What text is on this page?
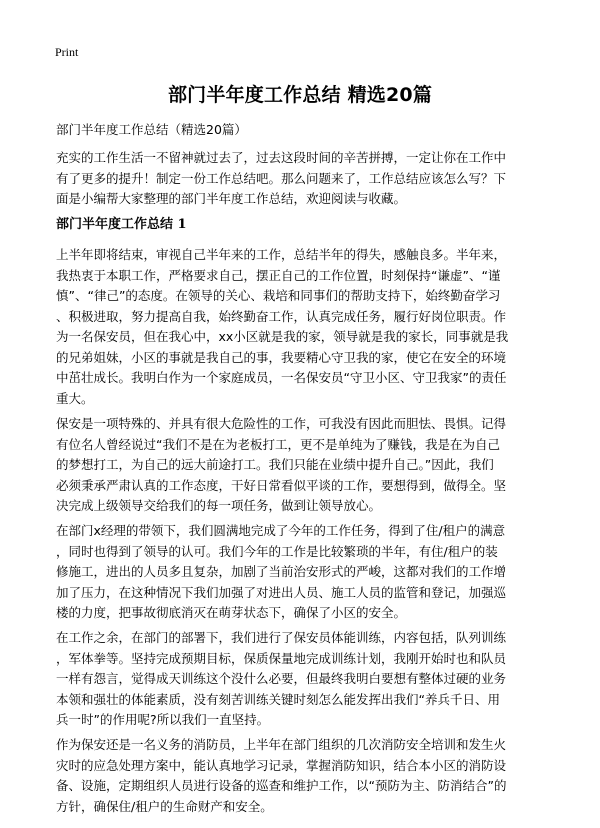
Print
部门半年度工作总结 精选20篇

部门半年度工作总结（精选20篇）

充实的工作生活一不留神就过去了，过去这段时间的辛苦拼搏，一定让你在工作中
有了更多的提升！制定一份工作总结吧。那么问题来了，工作总结应该怎么写？下
面是小编帮大家整理的部门半年度工作总结，欢迎阅读与收藏。
部门半年度工作总结 1
上半年即将结束，审视自己半年来的工作，总结半年的得失，感触良多。半年来，
我热衷于本职工作，严格要求自己，摆正自己的工作位置，时刻保持“谦虚”、“谨
慎”、“律己”的态度。在领导的关心、栽培和同事们的帮助支持下，始终勤奋学习
、积极进取，努力提高自我，始终勤奋工作，认真完成任务，履行好岗位职责。作
为一名保安员，但在我心中，xx小区就是我的家，领导就是我的家长，同事就是我
的兄弟姐妹，小区的事就是我自己的事，我要精心守卫我的家，使它在安全的环境
中茁壮成长。我明白作为一个家庭成员，一名保安员“守卫小区、守卫我家”的责任
重大。
保安是一项特殊的、并具有很大危险性的工作，可我没有因此而胆怯、畏惧。记得
有位名人曾经说过“我们不是在为老板打工，更不是单纯为了赚钱，我是在为自己
的梦想打工，为自己的远大前途打工。我们只能在业绩中提升自己。”因此，我们
必须秉承严肃认真的工作态度，干好日常看似平谈的工作，要想得到，做得全。坚
决完成上级领导交给我们的每一项任务，做到让领导放心。
在部门x经理的带领下，我们圆满地完成了今年的工作任务，得到了住/租户的满意
，同时也得到了领导的认可。我们今年的工作是比较繁琐的半年，有住/租户的装
修施工，进出的人员多且复杂，加剧了当前治安形式的严峻，这都对我们的工作增
加了压力，在这种情况下我们加强了对进出人员、施工人员的监管和登记，加强巡
楼的力度，把事故彻底消灭在萌芽状态下，确保了小区的安全。
在工作之余，在部门的部署下，我们进行了保安员体能训练，内容包括，队列训练
，军体拳等。坚持完成预期目标，保质保量地完成训练计划，我刚开始时也和队员
一样有怨言，觉得成天训练这个没什么必要，但最终我明白要想有整体过硬的业务
本领和强壮的体能素质，没有刻苦训练关键时刻怎么能发挥出我们“养兵千日、用
兵一时”的作用呢?所以我们一直坚持。
作为保安还是一名义务的消防员，上半年在部门组织的几次消防安全培训和发生火
灾时的应急处理方案中，能认真地学习记录，掌握消防知识，结合本小区的消防设
备、设施，定期组织人员进行设备的巡查和维护工作，以“预防为主、防消结合”的
方针，确保住/租户的生命财产和安全。
